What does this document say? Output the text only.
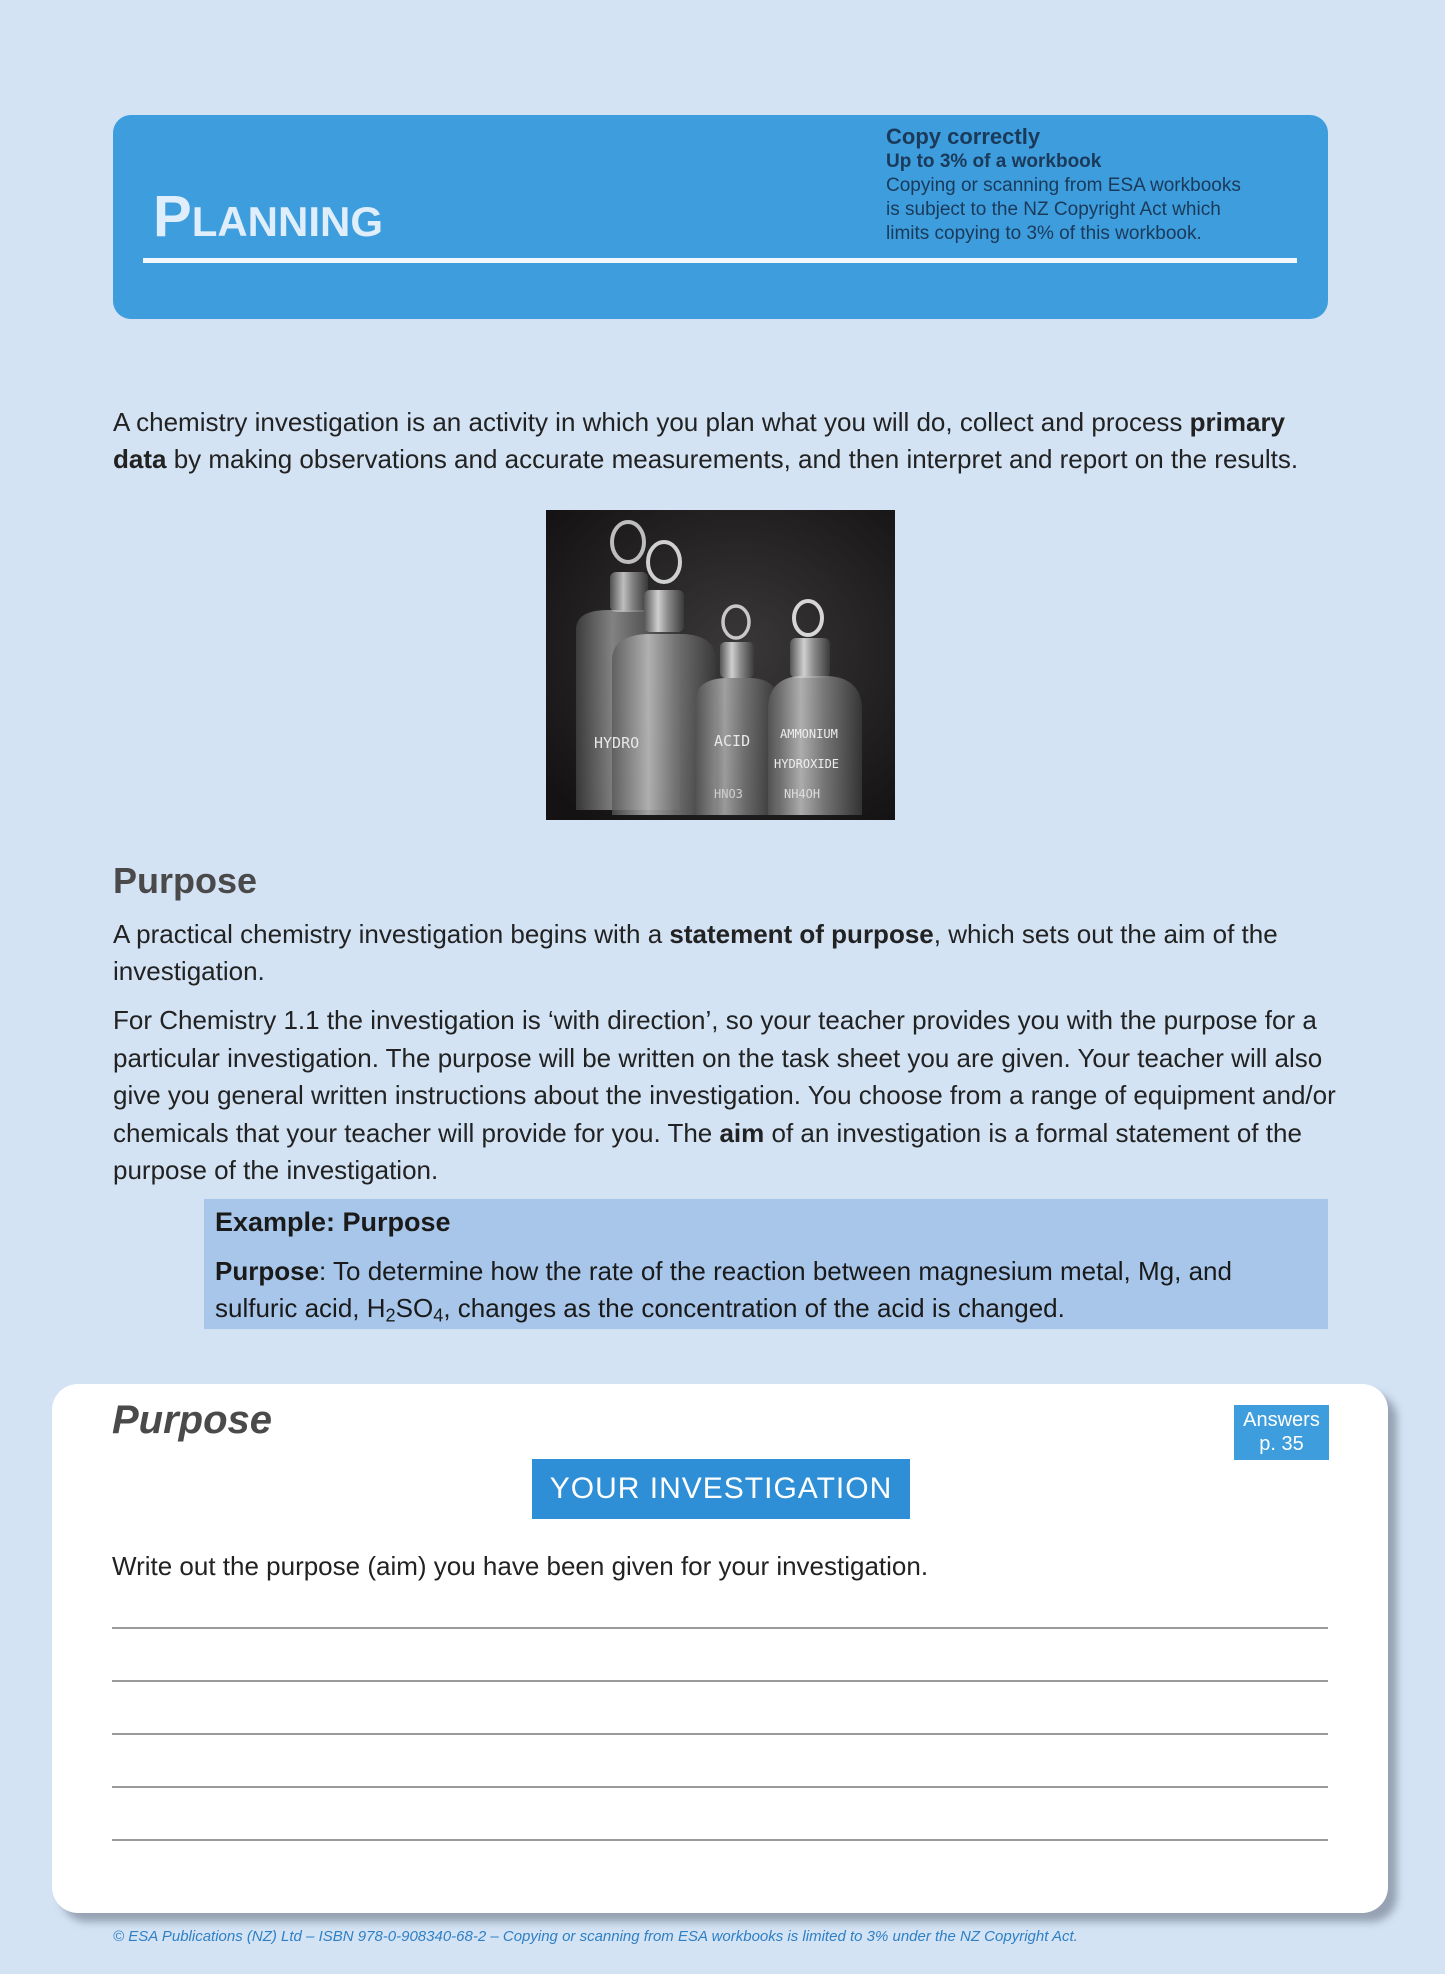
PLANNING
Copy correctly
Up to 3% of a workbook
Copying or scanning from ESA workbooks
is subject to the NZ Copyright Act which
limits copying to 3% of this workbook.
A chemistry investigation is an activity in which you plan what you will do, collect and process primary data by making observations and accurate measurements, and then interpret and report on the results.
HYDRO	ACID AMMONIUM
HYDROXIDE
NH4OH
HNO3
Purpose
A practical chemistry investigation begins with a statement of purpose, which sets out the aim of the investigation.
For Chemistry 1.1 the investigation is ‘with direction’, so your teacher provides you with the purpose for a particular investigation. The purpose will be written on the task sheet you are given. Your teacher will also give you general written instructions about the investigation. You choose from a range of equipment and/or chemicals that your teacher will provide for you. The aim of an investigation is a formal statement of the purpose of the investigation.
Example: Purpose
Purpose: To determine how the rate of the reaction between magnesium metal, Mg, and sulfuric acid, $H_2SO_4$, changes as the concentration of the acid is changed.
Purpose	Answers
p. 35
YOUR INVESTIGATION
Write out the purpose (aim) you have been given for your investigation.
© ESA Publications (NZ) Ltd – ISBN 978-0-908340-68-2 – Copying or scanning from ESA workbooks is limited to 3% under the NZ Copyright Act.
